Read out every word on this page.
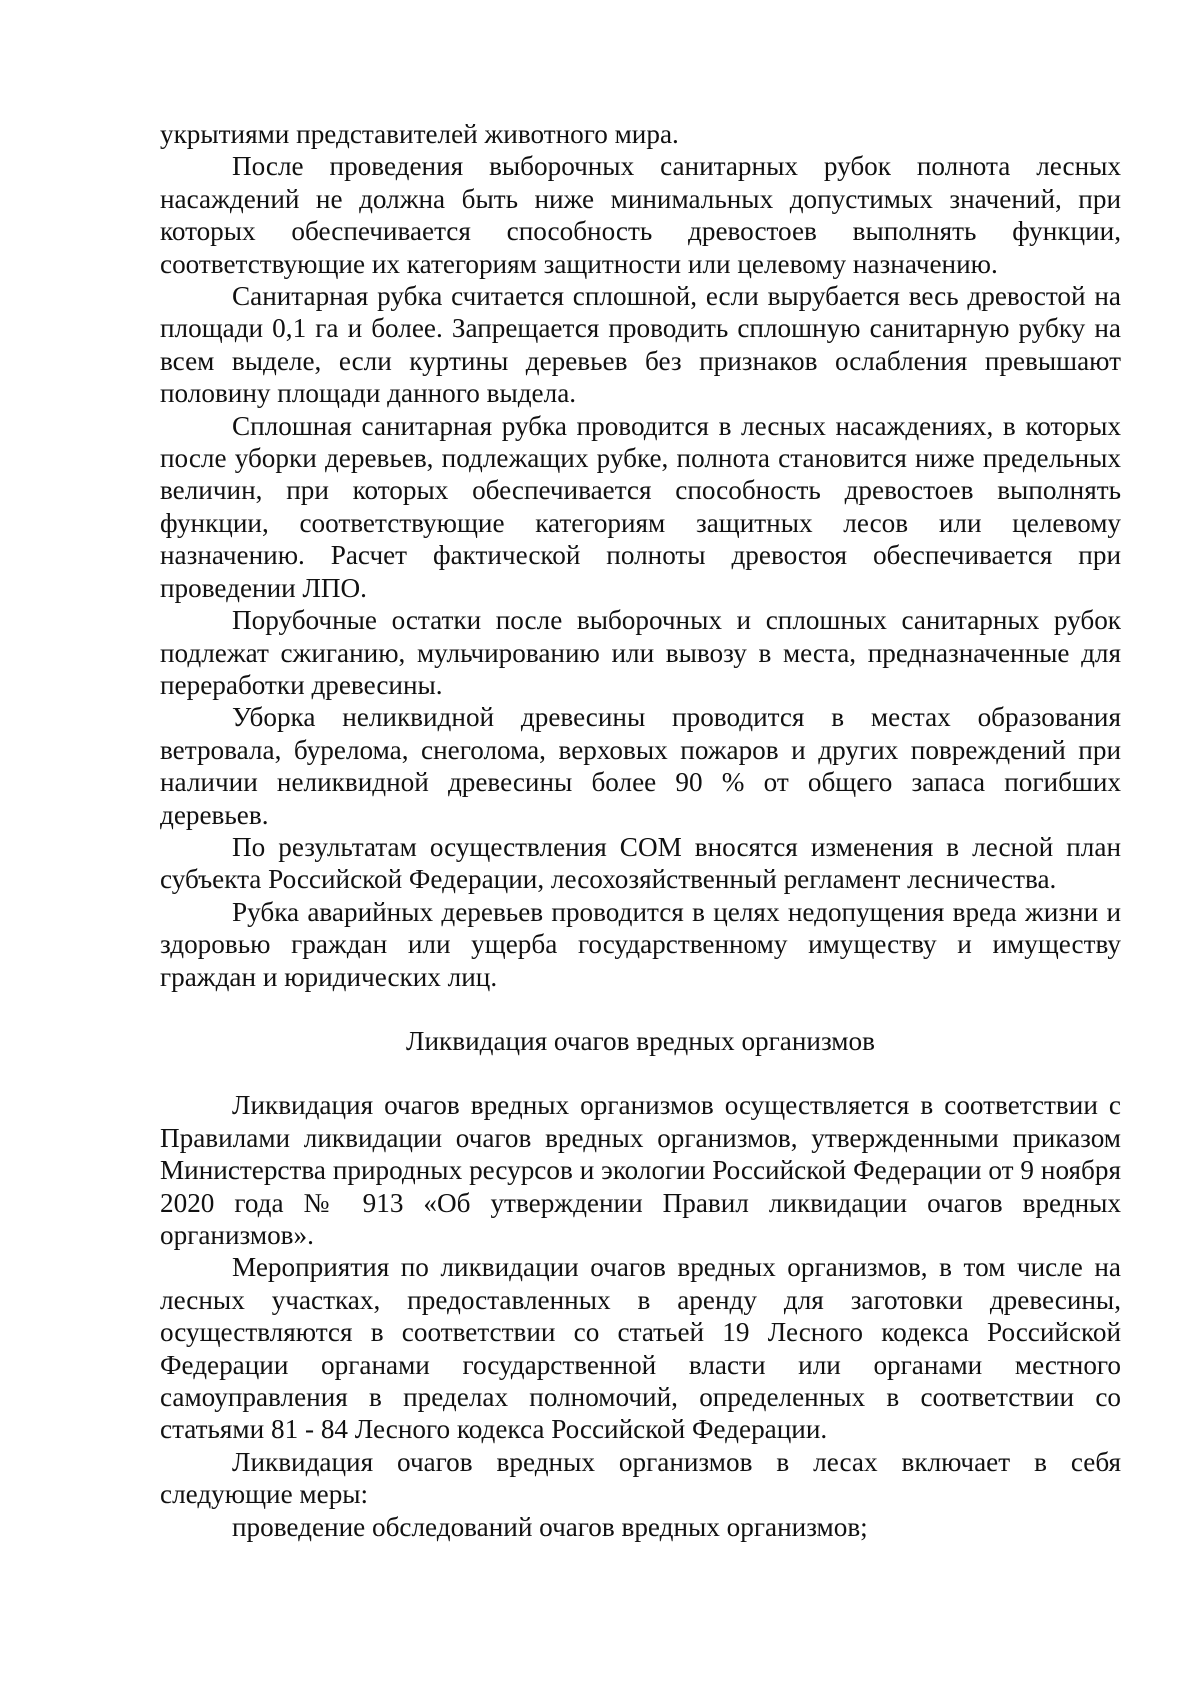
укрытиями представителей животного мира.

После проведения выборочных санитарных рубок полнота лесных насаждений не должна быть ниже минимальных допустимых значений, при которых обеспечивается способность древостоев выполнять функции, соответствующие их категориям защитности или целевому назначению.

Санитарная рубка считается сплошной, если вырубается весь древостой на площади 0,1 га и более. Запрещается проводить сплошную санитарную рубку на всем выделе, если куртины деревьев без признаков ослабления превышают половину площади данного выдела.

Сплошная санитарная рубка проводится в лесных насаждениях, в которых после уборки деревьев, подлежащих рубке, полнота становится ниже предельных величин, при которых обеспечивается способность древостоев выполнять функции, соответствующие категориям защитных лесов или целевому назначению. Расчет фактической полноты древостоя обеспечивается при проведении ЛПО.

Порубочные остатки после выборочных и сплошных санитарных рубок подлежат сжиганию, мульчированию или вывозу в места, предназначенные для переработки древесины.

Уборка неликвидной древесины проводится в местах образования ветровала, бурелома, снеголома, верховых пожаров и других повреждений при наличии неликвидной древесины более 90 % от общего запаса погибших деревьев.

По результатам осуществления СОМ вносятся изменения в лесной план субъекта Российской Федерации, лесохозяйственный регламент лесничества.

Рубка аварийных деревьев проводится в целях недопущения вреда жизни и здоровью граждан или ущерба государственному имуществу и имуществу граждан и юридических лиц.

Ликвидация очагов вредных организмов

Ликвидация очагов вредных организмов осуществляется в соответствии с Правилами ликвидации очагов вредных организмов, утвержденными приказом Министерства природных ресурсов и экологии Российской Федерации от 9 ноября 2020 года № 913 «Об утверждении Правил ликвидации очагов вредных организмов».

Мероприятия по ликвидации очагов вредных организмов, в том числе на лесных участках, предоставленных в аренду для заготовки древесины, осуществляются в соответствии со статьей 19 Лесного кодекса Российской Федерации органами государственной власти или органами местного самоуправления в пределах полномочий, определенных в соответствии со статьями 81 - 84 Лесного кодекса Российской Федерации.

Ликвидация очагов вредных организмов в лесах включает в себя следующие меры:

проведение обследований очагов вредных организмов;
